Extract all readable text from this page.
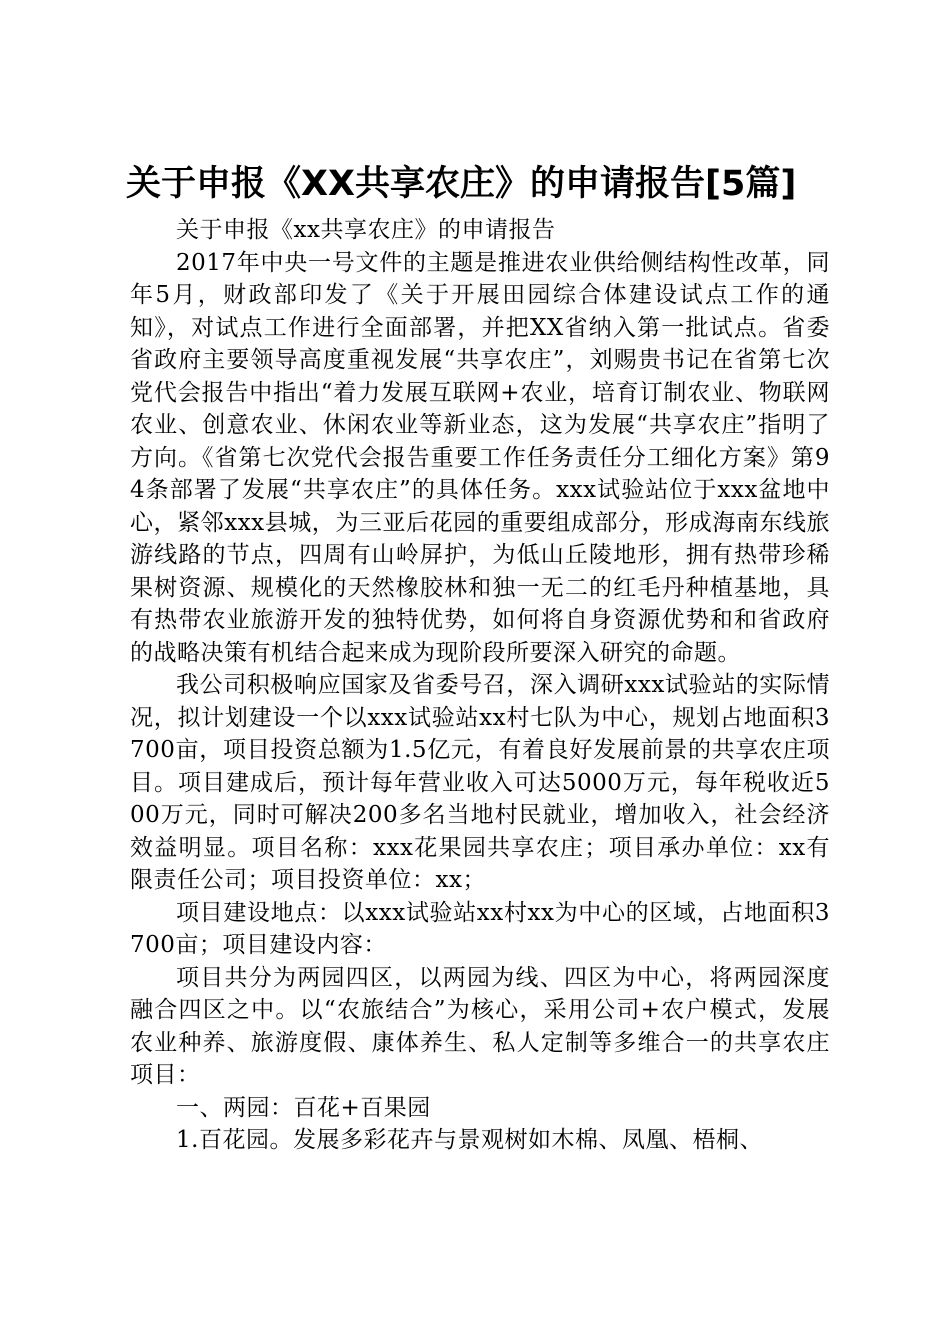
关于申报《XX共享农庄》的申请报告[5篇]

关于申报《xx共享农庄》的申请报告

2017年中央一号文件的主题是推进农业供给侧结构性改革，同年5月，财政部印发了《关于开展田园综合体建设试点工作的通知》，对试点工作进行全面部署，并把XX省纳入第一批试点。省委省政府主要领导高度重视发展“共享农庄”，刘赐贵书记在省第七次党代会报告中指出“着力发展互联网+农业，培育订制农业、物联网农业、创意农业、休闲农业等新业态，这为发展“共享农庄”指明了方向。《省第七次党代会报告重要工作任务责任分工细化方案》第94条部署了发展“共享农庄”的具体任务。xxx试验站位于xxx盆地中心，紧邻xxx县城，为三亚后花园的重要组成部分，形成海南东线旅游线路的节点，四周有山岭屏护，为低山丘陵地形，拥有热带珍稀果树资源、规模化的天然橡胶林和独一无二的红毛丹种植基地，具有热带农业旅游开发的独特优势，如何将自身资源优势和和省政府的战略决策有机结合起来成为现阶段所要深入研究的命题。

我公司积极响应国家及省委号召，深入调研xxx试验站的实际情况，拟计划建设一个以xxx试验站xx村七队为中心，规划占地面积3700亩，项目投资总额为1.5亿元，有着良好发展前景的共享农庄项目。项目建成后，预计每年营业收入可达5000万元，每年税收近500万元，同时可解决200多名当地村民就业，增加收入，社会经济效益明显。项目名称：xxx花果园共享农庄；项目承办单位：xx有限责任公司；项目投资单位：xx；

项目建设地点：以xxx试验站xx村xx为中心的区域，占地面积3700亩；项目建设内容：

项目共分为两园四区，以两园为线、四区为中心，将两园深度融合四区之中。以“农旅结合”为核心，采用公司+农户模式，发展农业种养、旅游度假、康体养生、私人定制等多维合一的共享农庄项目：

一、两园：百花+百果园

1.百花园。发展多彩花卉与景观树如木棉、凤凰、梧桐、
